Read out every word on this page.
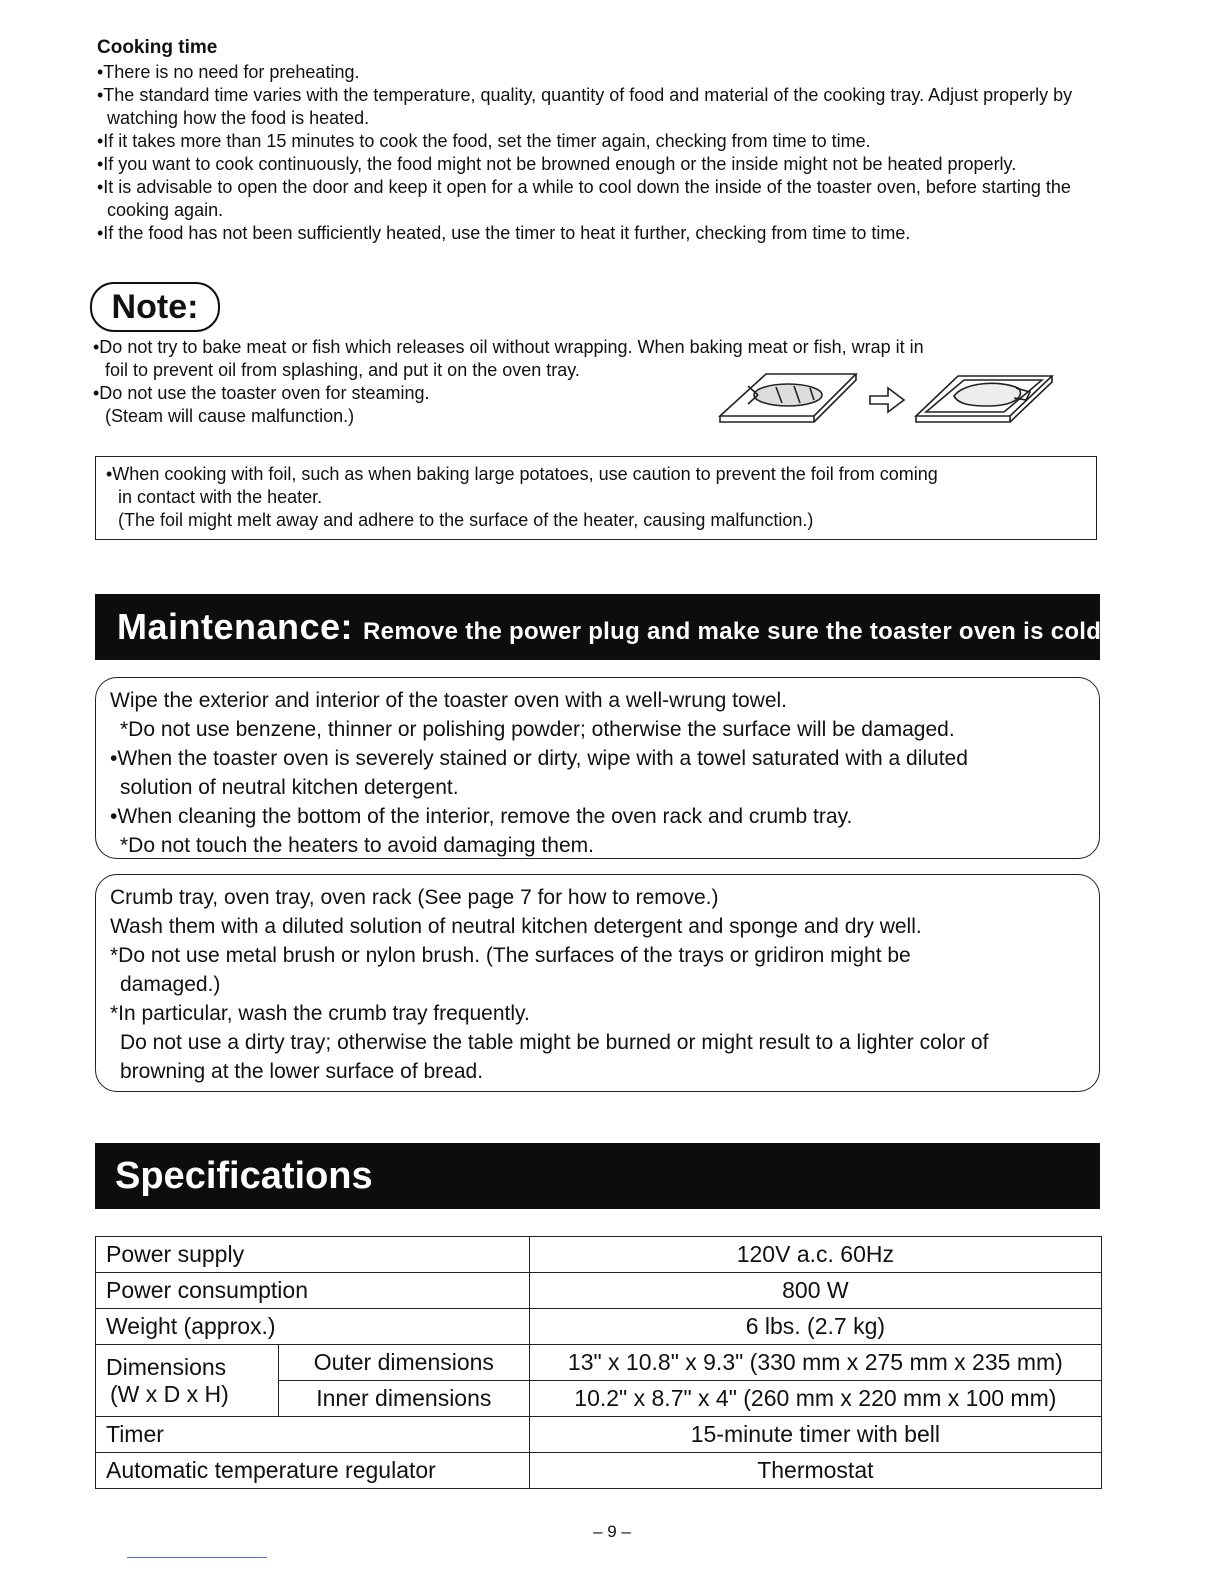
Cooking time

•There is no need for preheating.

•The standard time varies with the temperature, quality, quantity of food and material of the cooking tray. Adjust properly by watching how the food is heated.

•If it takes more than 15 minutes to cook the food, set the timer again, checking from time to time.

•If you want to cook continuously, the food might not be browned enough or the inside might not be heated properly.

•It is advisable to open the door and keep it open for a while to cool down the inside of the toaster oven, before starting the cooking again.

•If the food has not been sufficiently heated, use the timer to heat it further, checking from time to time.

Note:

•Do not try to bake meat or fish which releases oil without wrapping. When baking meat or fish, wrap it in

foil to prevent oil from splashing, and put it on the oven tray.

•Do not use the toaster oven for steaming.

(Steam will cause malfunction.)

•When cooking with foil, such as when baking large potatoes, use caution to prevent the foil from coming

in contact with the heater.

(The foil might melt away and adhere to the surface of the heater, causing malfunction.)

Maintenance: Remove the power plug and make sure the toaster oven is cold.

Wipe the exterior and interior of the toaster oven with a well-wrung towel.

*Do not use benzene, thinner or polishing powder; otherwise the surface will be damaged.

•When the toaster oven is severely stained or dirty, wipe with a towel saturated with a diluted

solution of neutral kitchen detergent.

•When cleaning the bottom of the interior, remove the oven rack and crumb tray.

*Do not touch the heaters to avoid damaging them.

Crumb tray, oven tray, oven rack (See page 7 for how to remove.)

Wash them with a diluted solution of neutral kitchen detergent and sponge and dry well.

*Do not use metal brush or nylon brush. (The surfaces of the trays or gridiron might be

damaged.)

*In particular, wash the crumb tray frequently.

Do not use a dirty tray; otherwise the table might be burned or might result to a lighter color of

browning at the lower surface of bread.

Specifications
Power supply		120V a.c. 60Hz
Power consumption		800 W
Weight (approx.)		6 lbs. (2.7 kg)

Dimensions
(W x D x H)	Outer dimensions	13" x 10.8" x 9.3" (330 mm x 275 mm x 235 mm)
	Inner dimensions	10.2" x 8.7" x 4" (260 mm x 220 mm x 100 mm)
Timer		15-minute timer with bell
Automatic temperature regulator		Thermostat
– 9 –
